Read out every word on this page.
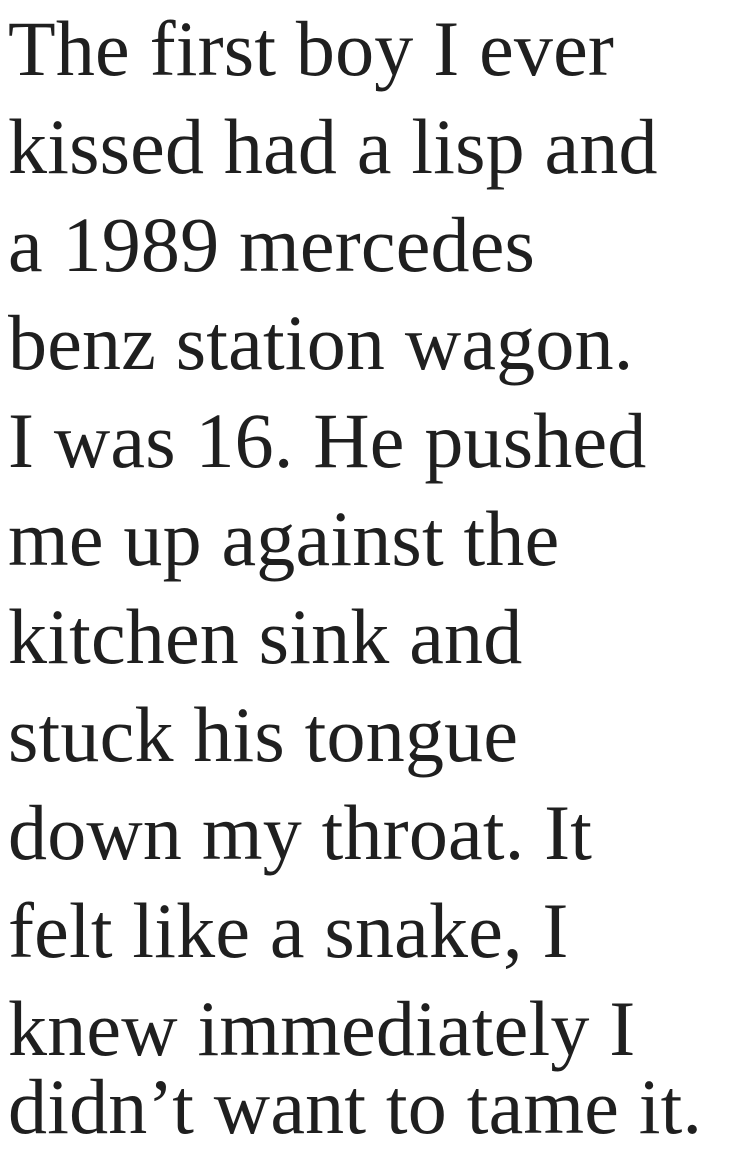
The first boy I ever
kissed had a lisp and
a 1989 mercedes
benz station wagon.
I was 16. He pushed
me up against the
kitchen sink and
stuck his tongue
down my throat. It
felt like a snake, I
knew immediately I
didn’t want to tame it.
